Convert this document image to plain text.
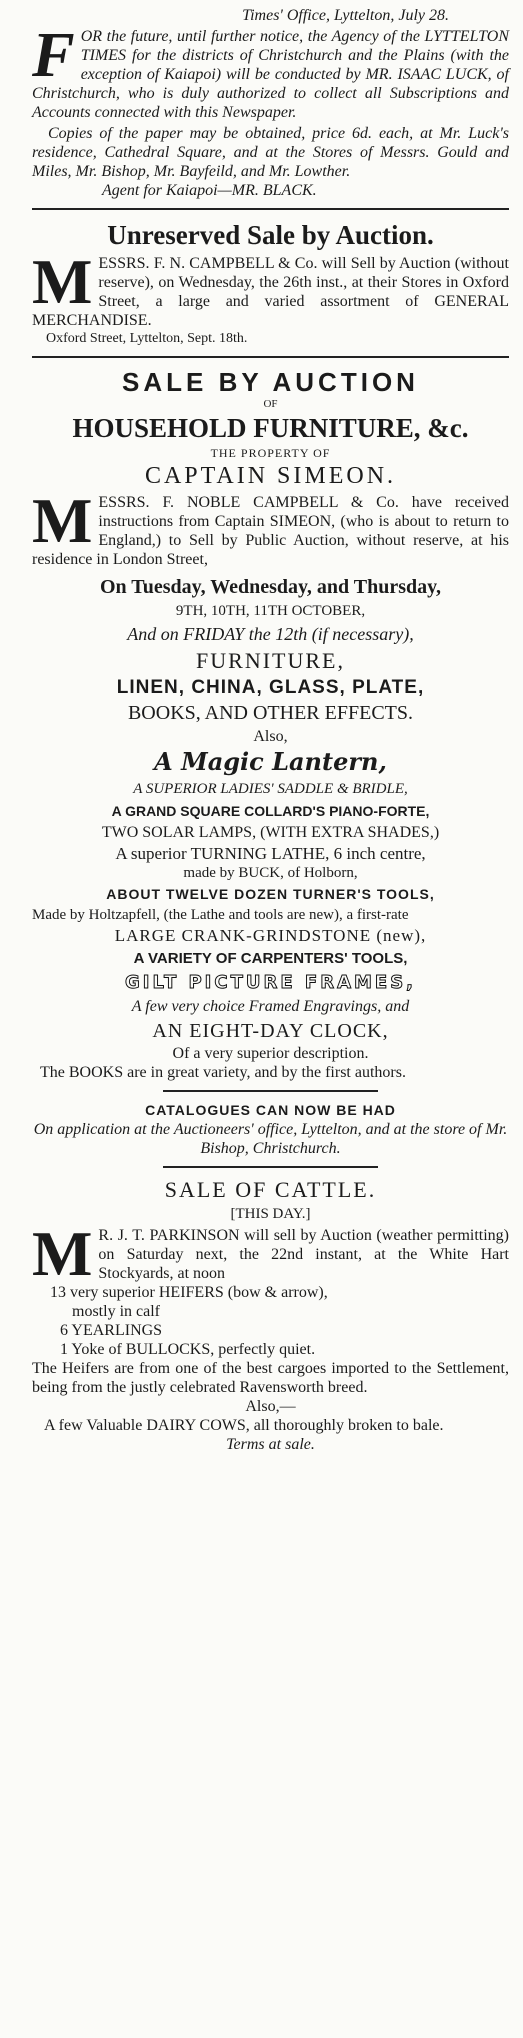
Times' Office, Lyttelton, July 28.

F OR the future, until further notice, the Agency of the LYTTELTON TIMES for the districts of Christchurch and the Plains (with the exception of Kaiapoi) will be conducted by MR. ISAAC LUCK, of Christchurch, who is duly authorized to collect all Subscriptions and Accounts connected with this Newspaper.

Copies of the paper may be obtained, price 6d. each, at Mr. Luck's residence, Cathedral Square, and at the Stores of Messrs. Gould and Miles, Mr. Bishop, Mr. Bayfeild, and Mr. Lowther.

Agent for Kaiapoi—MR. BLACK.

Unreserved Sale by Auction.

M ESSRS. F. N. CAMPBELL & Co. will Sell by Auction (without reserve), on Wednesday, the 26th inst., at their Stores in Oxford Street, a large and varied assortment of GENERAL MERCHANDISE.

Oxford Street, Lyttelton, Sept. 18th.

SALE BY AUCTION

OF

HOUSEHOLD FURNITURE, &c.

THE PROPERTY OF

CAPTAIN SIMEON.

M ESSRS. F. NOBLE CAMPBELL & Co. have received instructions from Captain SIMEON, (who is about to return to England,) to Sell by Public Auction, without reserve, at his residence in London Street,

On Tuesday, Wednesday, and Thursday,

9TH, 10TH, 11TH OCTOBER,

And on FRIDAY the 12th (if necessary),

FURNITURE,

LINEN, CHINA, GLASS, PLATE,

BOOKS, AND OTHER EFFECTS.

Also,

A Magic Lantern,

A SUPERIOR LADIES' SADDLE & BRIDLE,

A GRAND SQUARE COLLARD'S PIANO-FORTE,

TWO SOLAR LAMPS, (WITH EXTRA SHADES,)

A superior TURNING LATHE, 6 inch centre,

made by BUCK, of Holborn,

ABOUT TWELVE DOZEN TURNER'S TOOLS,

Made by Holtzapfell, (the Lathe and tools are new), a first-rate

LARGE CRANK-GRINDSTONE (new),

A VARIETY OF CARPENTERS' TOOLS,

GILT PICTURE FRAMES,

A few very choice Framed Engravings, and

AN EIGHT-DAY CLOCK,

Of a very superior description.

The BOOKS are in great variety, and by the first authors.

CATALOGUES CAN NOW BE HAD

On application at the Auctioneers' office, Lyttelton, and at the store of Mr. Bishop, Christchurch.

SALE OF CATTLE.

[THIS DAY.]

M R. J. T. PARKINSON will sell by Auction (weather permitting) on Saturday next, the 22nd instant, at the White Hart Stockyards, at noon

13 very superior HEIFERS (bow & arrow),

mostly in calf

6 YEARLINGS

1 Yoke of BULLOCKS, perfectly quiet.

The Heifers are from one of the best cargoes imported to the Settlement, being from the justly celebrated Ravensworth breed.

Also,—

A few Valuable DAIRY COWS, all thoroughly broken to bale.

Terms at sale.
